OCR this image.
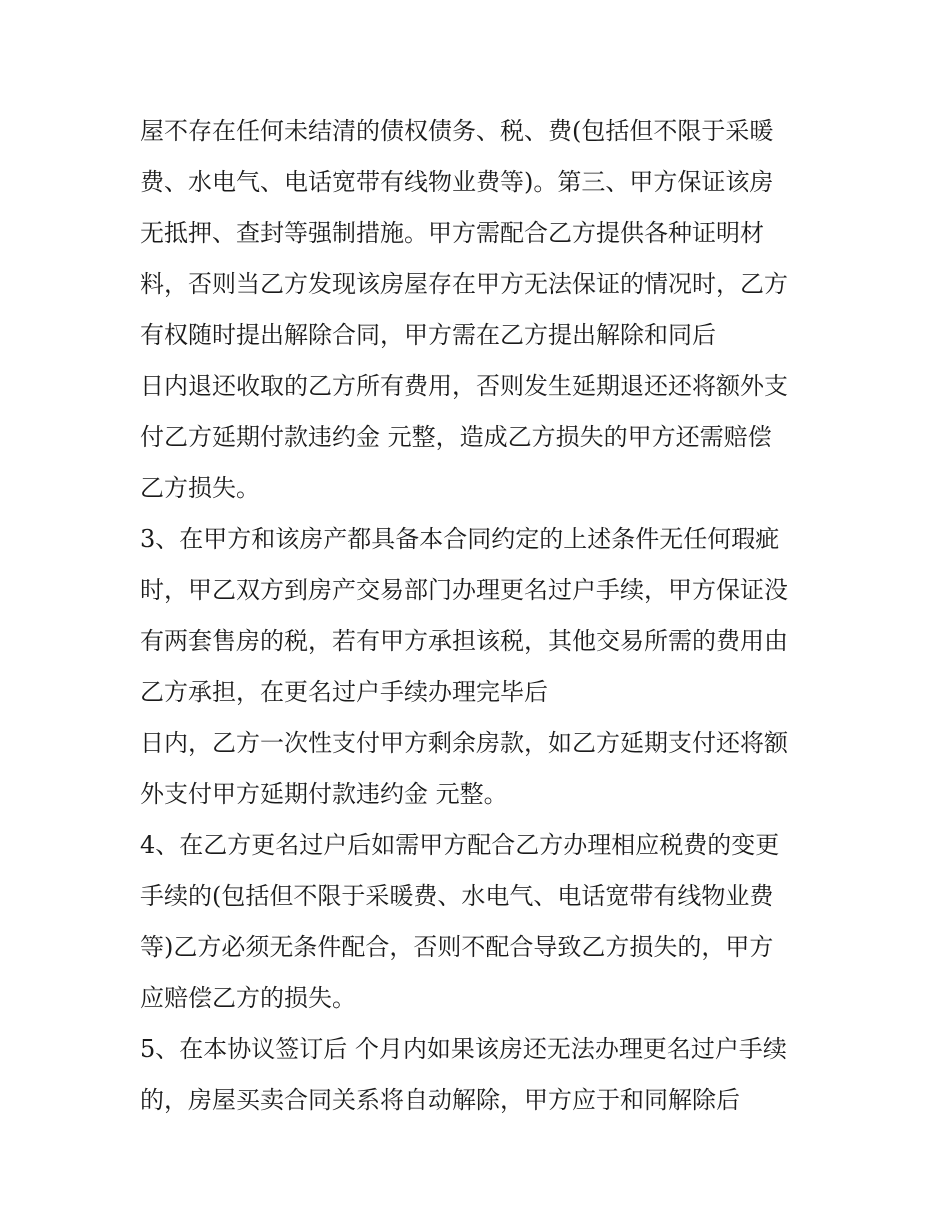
屋不存在任何未结清的债权债务、税、费(包括但不限于采暖
费、水电气、电话宽带有线物业费等)。第三、甲方保证该房
无抵押、查封等强制措施。甲方需配合乙方提供各种证明材
料，否则当乙方发现该房屋存在甲方无法保证的情况时，乙方
有权随时提出解除合同，甲方需在乙方提出解除和同后
日内退还收取的乙方所有费用，否则发生延期退还还将额外支
付乙方延期付款违约金 元整，造成乙方损失的甲方还需赔偿
乙方损失。
3、在甲方和该房产都具备本合同约定的上述条件无任何瑕疵
时，甲乙双方到房产交易部门办理更名过户手续，甲方保证没
有两套售房的税，若有甲方承担该税，其他交易所需的费用由
乙方承担，在更名过户手续办理完毕后
日内，乙方一次性支付甲方剩余房款，如乙方延期支付还将额
外支付甲方延期付款违约金 元整。
4、在乙方更名过户后如需甲方配合乙方办理相应税费的变更
手续的(包括但不限于采暖费、水电气、电话宽带有线物业费
等)乙方必须无条件配合，否则不配合导致乙方损失的，甲方
应赔偿乙方的损失。
5、在本协议签订后 个月内如果该房还无法办理更名过户手续
的，房屋买卖合同关系将自动解除，甲方应于和同解除后
